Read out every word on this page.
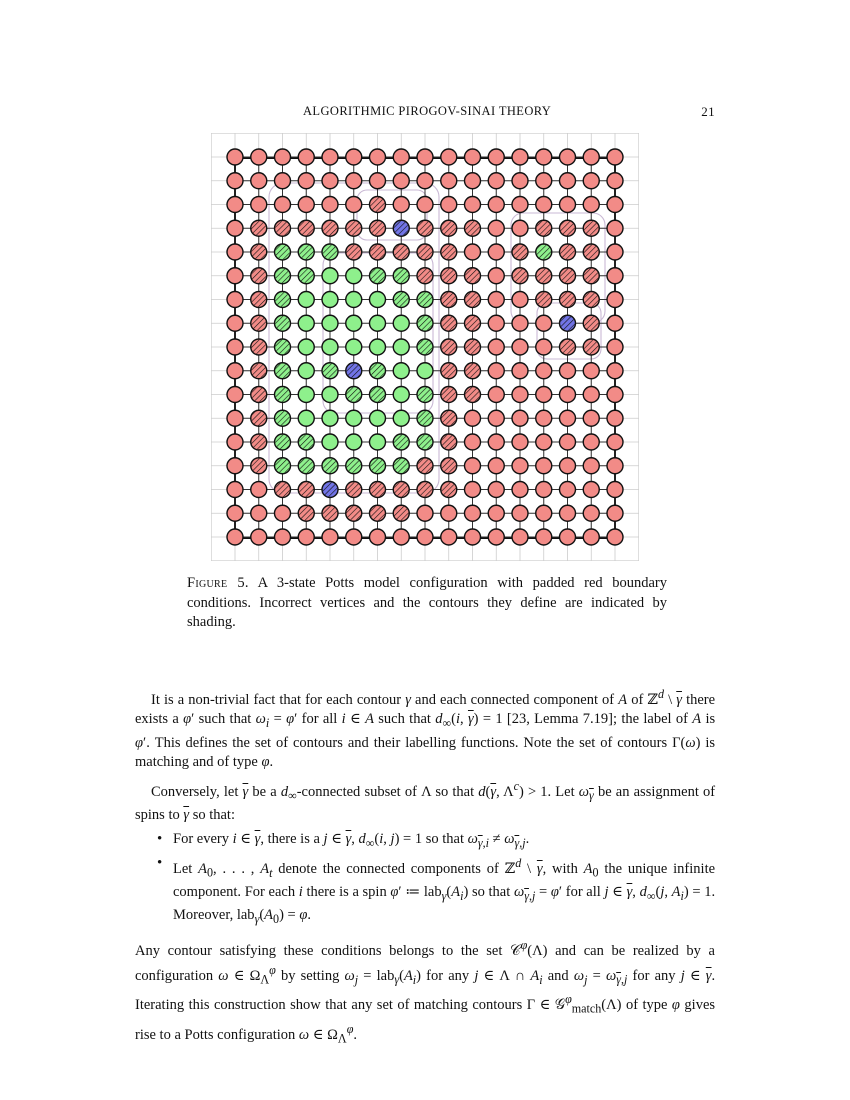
ALGORITHMIC PIROGOV-SINAI THEORY	21
Figure 5. A 3-state Potts model configuration with padded red boundary conditions. Incorrect vertices and the contours they define are indicated by shading.

It is a non-trivial fact that for each contour γ and each connected component of A of ℤ$^d$ \ $\overline{\gamma}$ there exists a φ′ such that $\omega_i = \varphi'$ for all i ∈ A such that $d_\infty(i$, $\overline{\gamma}) = 1$ [23, Lemma 7.19]; the label of A is φ′. This defines the set of contours and their labelling functions. Note the set of contours Γ(ω) is matching and of type φ.

Conversely, let $\overline{\gamma}$ be a $d_\infty$-connected subset of Λ so that $d(\overline{\gamma}$, $\Lambda^c) > 1$. Let $\omega_{\overline{\gamma}}$ be an assignment of spins to $\overline{\gamma}$ so that:

• For every i ∈ $\overline{\gamma}$, there is a j ∈ $\overline{\gamma}$, $d_\infty(i$, j) = 1 so that $\omega_{\overline{\gamma},i} \ne \omega_{\overline{\gamma},j}$.
• Let $A_0$, . . . , $A_t$ denote the connected components of ℤ$^d$ \ $\overline{\gamma}$, with $A_0$ the unique infinite component. For each i there is a spin φ′ ≔ $lab_\gamma(A_i)$ so that $\omega_{\overline{\gamma},j} = \varphi'$ for all j ∈ $\overline{\gamma}$, $d_\infty(j$, $A_i) = 1$. Moreover, $lab_\gamma(A_0) = \varphi$.

Any contour satisfying these conditions belongs to the set 𝒞$^\varphi$(Λ) and can be realized by a configuration ω ∈ $\Omega_\Lambda^\varphi$ by setting $\omega_j = lab_\gamma(A_i)$ for any j ∈ Λ ∩ $A_i$ and $\omega_j = \omega_{\overline{\gamma},j}$ for any j ∈ $\overline{\gamma}$. Iterating this construction show that any set of matching contours Γ ∈ 𝒢$^\varphi_{match}$(Λ) of type φ gives rise to a Potts configuration ω ∈ $\Omega_\Lambda^\varphi$.
